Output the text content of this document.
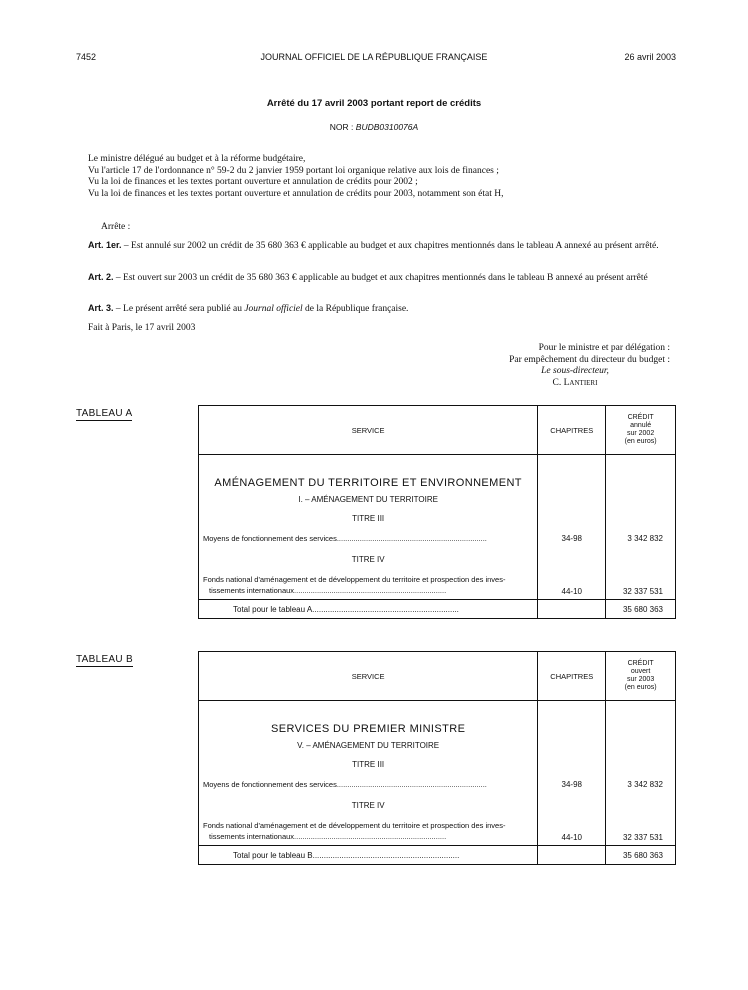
7452	JOURNAL OFFICIEL DE LA RÉPUBLIQUE FRANÇAISE	26 avril 2003
Arrêté du 17 avril 2003 portant report de crédits
NOR : BUDB0310076A
Le ministre délégué au budget et à la réforme budgétaire,
Vu l'article 17 de l'ordonnance n° 59-2 du 2 janvier 1959 portant loi organique relative aux lois de finances ;
Vu la loi de finances et les textes portant ouverture et annulation de crédits pour 2002 ;
Vu la loi de finances et les textes portant ouverture et annulation de crédits pour 2003, notamment son état H,
Arrête :
Art. 1er. – Est annulé sur 2002 un crédit de 35 680 363 € applicable au budget et aux chapitres mentionnés dans le tableau A annexé au présent arrêté.
Art. 2. – Est ouvert sur 2003 un crédit de 35 680 363 € applicable au budget et aux chapitres mentionnés dans le tableau B annexé au présent arrêté
Art. 3. – Le présent arrêté sera publié au Journal officiel de la République française.
Fait à Paris, le 17 avril 2003
Pour le ministre et par délégation :
Par empêchement du directeur du budget :
Le sous-directeur,
C. Lantieri
TABLEAU A
SERVICE	CHAPITRES	CRÉDIT
annulé
sur 2002
(en euros)

AMÉNAGEMENT DU TERRITOIRE ET ENVIRONNEMENT		
I. – AMÉNAGEMENT DU TERRITOIRE		
TITRE III		
Moyens de fonctionnement des services........................................................................	34-98	3 342 832
TITRE IV		

Fonds national d'aménagement et de développement du territoire et prospection des inves-
tissements internationaux.........................................................................	44-10	32 337 531
Total pour le tableau A..................................................................		35 680 363
TABLEAU B
SERVICE	CHAPITRES	CRÉDIT
ouvert
sur 2003
(en euros)

SERVICES DU PREMIER MINISTRE		
V. – AMÉNAGEMENT DU TERRITOIRE		
TITRE III		
Moyens de fonctionnement des services........................................................................	34-98	3 342 832
TITRE IV		

Fonds national d'aménagement et de développement du territoire et prospection des inves-
tissements internationaux.........................................................................	44-10	32 337 531
Total pour le tableau B..................................................................		35 680 363
